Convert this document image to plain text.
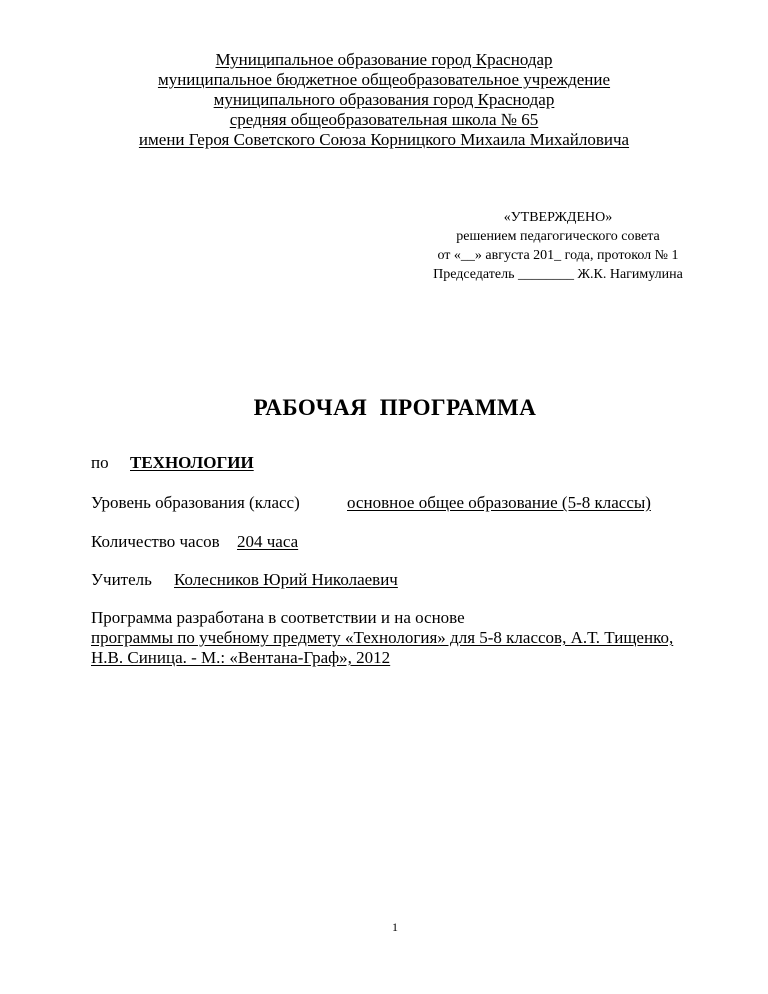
Муниципальное образование город Краснодар
муниципальное бюджетное общеобразовательное учреждение
муниципального образования город Краснодар
средняя общеобразовательная школа № 65
имени Героя Советского Союза Корницкого Михаила Михайловича
«УТВЕРЖДЕНО»
решением педагогического совета
от «__» августа 201_ года, протокол № 1
Председатель ________ Ж.К. Нагимулина
РАБОЧАЯ  ПРОГРАММА
по ТЕХНОЛОГИИ
Уровень образования (класс)	основное общее образование (5-8 классы)
Количество часов 204 часа
Учитель Колесников Юрий Николаевич
Программа разработана в соответствии и на основе
программы по учебному предмету «Технология» для 5-8 классов, А.Т. Тищенко,
Н.В. Синица. - М.: «Вентана-Граф», 2012
1
